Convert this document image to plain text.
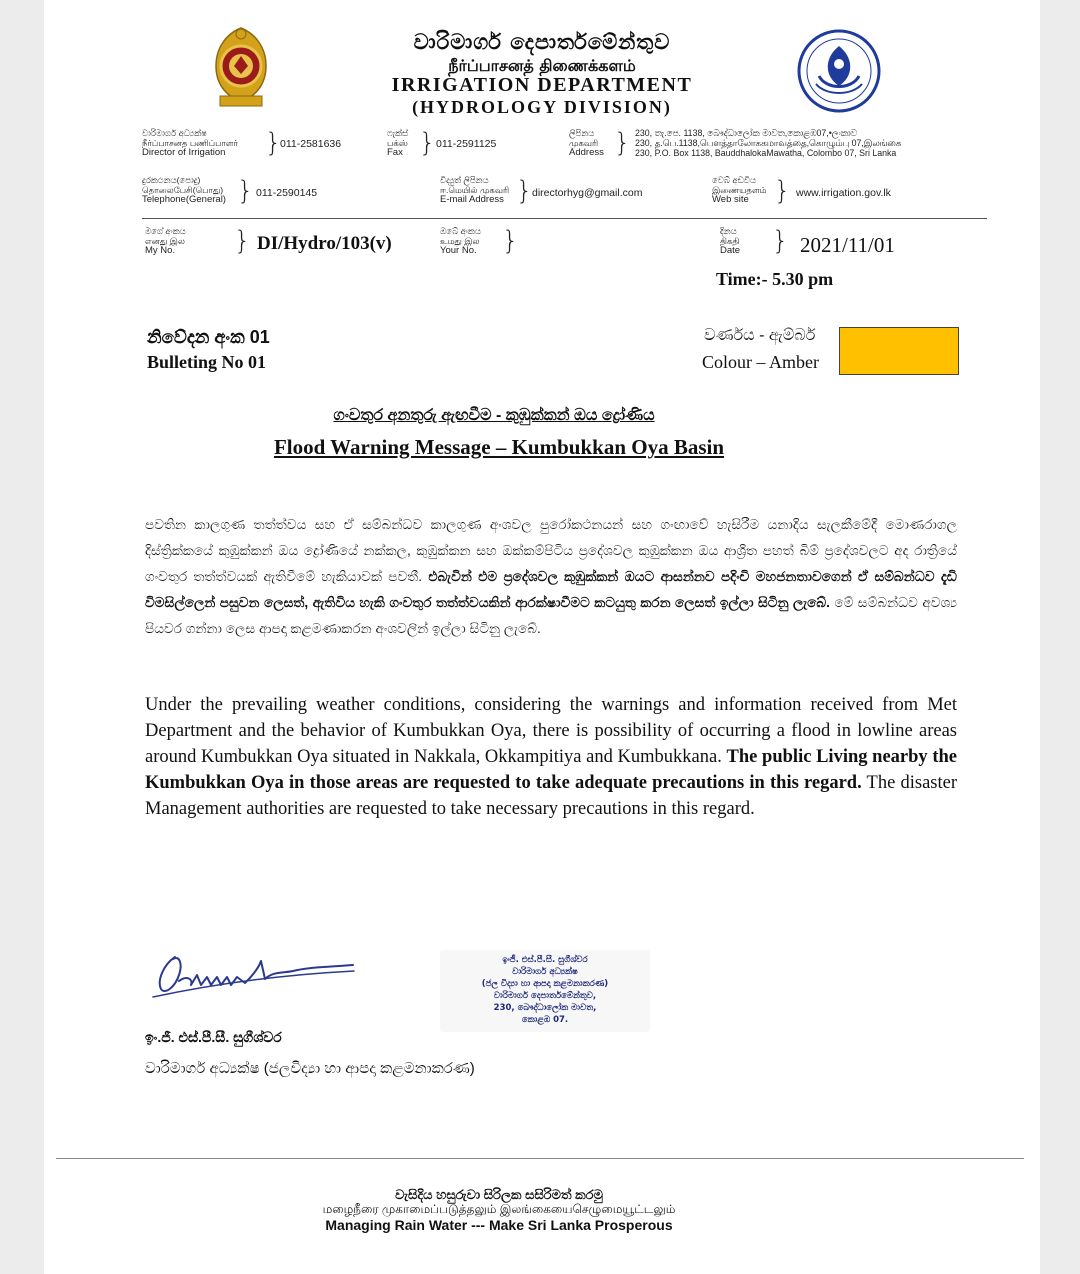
වාරිමාර්ග දෙපාර්තමේන්තුව
நீர்ப்பாசனத் திணைக்களம்
IRRIGATION DEPARTMENT
(HYDROLOGY DIVISION)
වාරිමාර්ග අධ්‍යක්ෂ
நீர்ப்பாசனத பணிப்பாளர்
Director of Irrigation	}
011-2581636
ෆැක්ස්
பக்ஸ்
Fax } 011-2591125
ලිපිනය
முகவரி
Address } 230, තැ.පෙ. 1138, බෞද්ධාලෝක මාවත,කොළඹ07,•ලංකාව
230, த.பெ.1138,பௌத்தாலோககமாவத்தை,கொழும்பு 07,இலங்கை
230, P.O. Box 1138, BauddhalokaMawatha, Colombo 07, Sri Lanka
දුරකථනය(පොදු)
தொலைபேசி(பொது)
Telephone(General) } 011-2590145
විද්‍යුත් ලිපිනය
ஈ.மெயில் முகவரி
E-mail Address } directorhyg@gmail.com
වෙබ් අඩවිය
இணையதளம்
Web site } www.irrigation.gov.lk
මගේ අංකය
எனது இல
My No.	} DI/Hydro/103(v)
ඔබේ අංකය
உமது இல
Your No. }	දිනය
திகதி
Date } 2021/11/01
Time:- 5.30 pm
නිවේදන අංක 01
Bulleting No 01
වර්ණය - ඇම්බර්
Colour – Amber
ගංවතුර අනතුරු ඇඟවීම - කුඹුක්කන් ඔය ද්‍රෝණිය
Flood Warning Message – Kumbukkan Oya Basin
පවතින කාලගුණ තත්ත්වය සහ ඒ සම්බන්ධව කාලගුණ අංශවල පුරෝකථනයන් සහ ගංඟාවේ හැසිරීම යනාදිය සැලකීමේදී මොණරාගල දිස්ත්‍රික්කයේ කුඹුක්කන් ඔය ද්‍රෝණියේ නක්කල, කුඹුක්කන සහ ඔක්කම්පිටිය ප්‍රදේශවල කුඹුක්කන ඔය ආශ්‍රිත පහත් බිම් ප්‍රදේශවලට අද රාත්‍රියේ ගංවතුර තත්ත්වයක් ඇතිවීමේ හැකියාවක් පවතී. එබැවින් එම ප්‍රදේශවල කුඹුක්කන් ඔයට ආසන්නව පදිංචි මහජනතාවගෙන් ඒ සම්බන්ධව දැඩි විමසිල්ලෙන් පසුවන ලෙසත්, ඇතිවිය හැකි ගංවතුර තත්ත්වයකින් ආරක්ෂාවීමට කටයුතු කරන ලෙසත් ඉල්ලා සිටිනු ලැබේ. මේ සම්බන්ධව අවශ්‍ය පියවර ගන්නා ලෙස ආපදා කළමණාකරන අංශවලින් ඉල්ලා සිටිනු ලැබේ.
Under the prevailing weather conditions, considering the warnings and information received from Met Department and the behavior of Kumbukkan Oya, there is possibility of occurring a flood in lowline areas around Kumbukkan Oya situated in Nakkala, Okkampitiya and Kumbukkana. The public Living nearby the Kumbukkan Oya in those areas are requested to take adequate precautions in this regard. The disaster Management authorities are requested to take necessary precautions in this regard.
ඉංජී. එස්.පී.සී. සුගීශ්වර
වාරිමාර්ග අධ්‍යක්ෂ
(ජල විද්‍යා හා ආපදා කළමනාකරණ)
වාරිමාර්ග දෙපාර්තමේන්තුව,
230, බෞද්ධාලෝක මාවත,
කොළඹ 07.
ඉං.ජී. එස්.පී.සී. සුගීශ්වර
වාරිමාර්ග අධ්‍යක්ෂ (ජලවිද්‍යා හා ආපදා කළමනාකරණ)
වැසිදිය හසුරුවා සිරිලක සසිරිමත් කරමු
மழைநீரை முகாமைப்படுத்தலும் இலங்கையைசெழுமையூட்டலும்
Managing Rain Water --- Make Sri Lanka Prosperous
